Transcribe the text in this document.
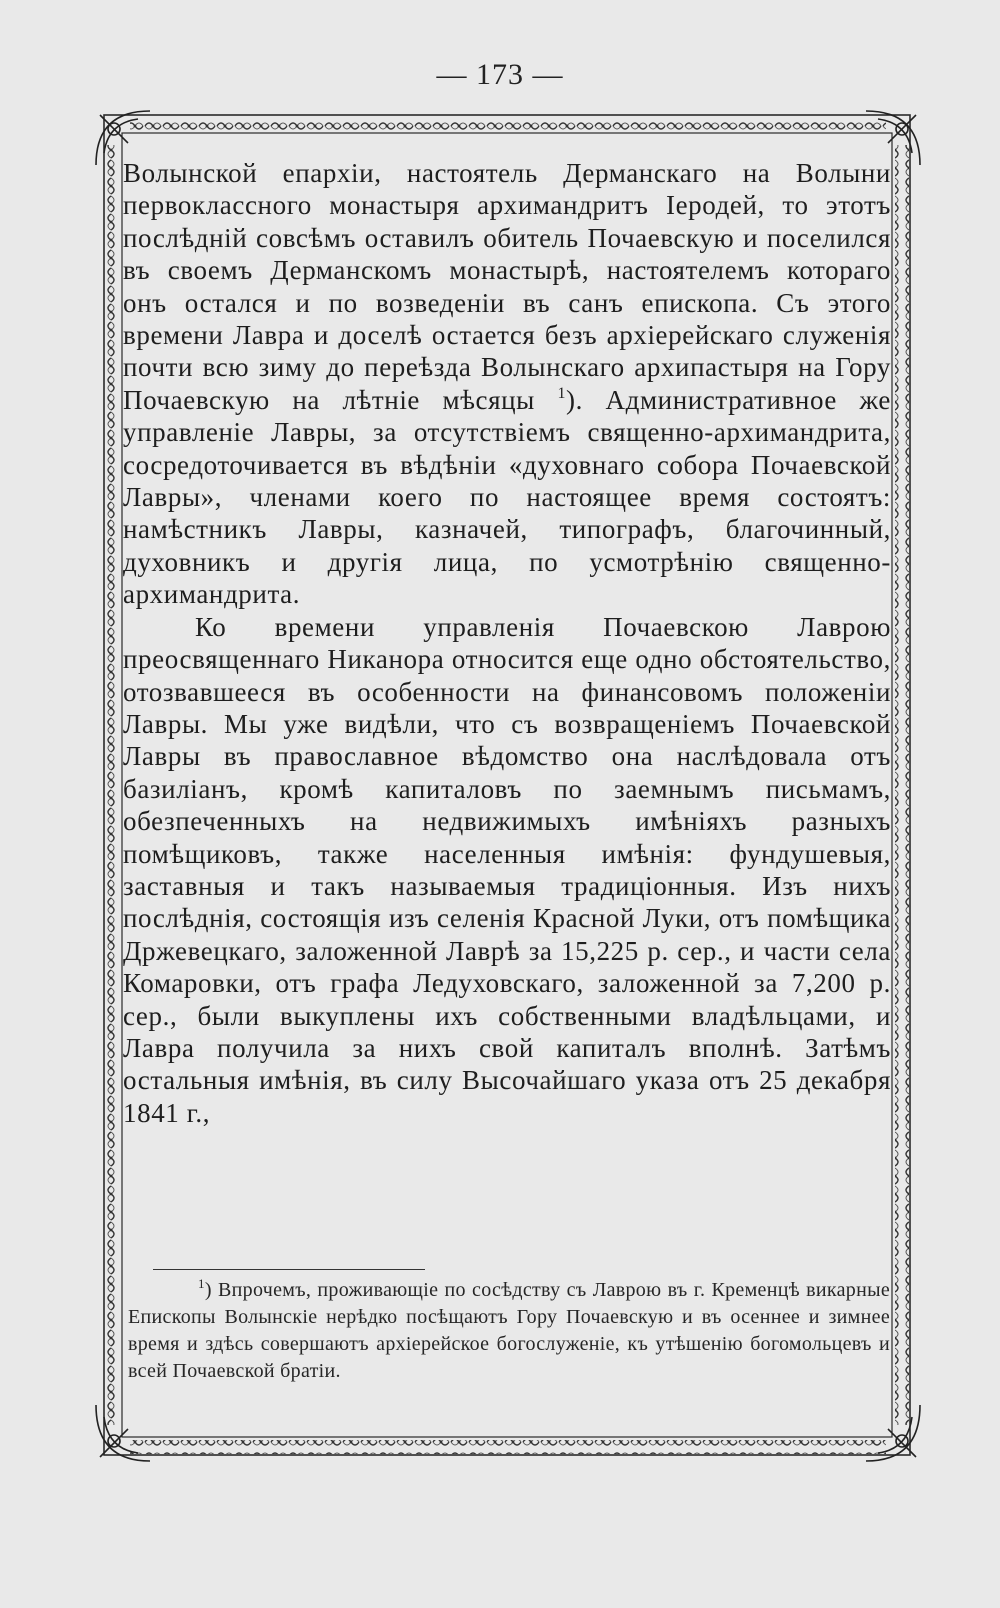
— 173 —

Волынской епархіи, настоятель Дерманскаго на Волыни первоклассного монастыря архимандритъ Іеродей, то этотъ послѣдній совсѣмъ оставилъ обитель Почаевскую и поселился въ своемъ Дерманскомъ монастырѣ, настоятелемъ котораго онъ остался и по возведеніи въ санъ епископа. Съ этого времени Лавра и доселѣ остается безъ архіерейскаго служенія почти всю зиму до переѣзда Волынскаго архипастыря на Гору Почаевскую на лѣтніе мѣсяцы $^1$). Административное же управленіе Лавры, за отсутствіемъ священно-архимандрита, сосредоточивается въ вѣдѣніи «духовнаго собора Почаевской Лавры», членами коего по настоящее время состоятъ: намѣстникъ Лавры, казначей, типографъ, благочинный, духовникъ и другія лица, по усмотрѣнію священно-архимандрита.

Ко времени управленія Почаевскою Лаврою преосвященнаго Никанора относится еще одно обстоятельство, отозвавшееся въ особенности на финансовомъ положеніи Лавры. Мы уже видѣли, что съ возвращеніемъ Почаевской Лавры въ православное вѣдомство она наслѣдовала отъ базиліанъ, кромѣ капиталовъ по заемнымъ письмамъ, обезпеченныхъ на недвижимыхъ имѣніяхъ разныхъ помѣщиковъ, также населенныя имѣнія: фундушевыя, заставныя и такъ называемыя традиціонныя. Изъ нихъ послѣднія, состоящія изъ селенія Красной Луки, отъ помѣщика Држевецкаго, заложенной Лаврѣ за 15,225 р. сер., и части села Комаровки, отъ графа Ледуховскаго, заложенной за 7,200 р. сер., были выкуплены ихъ собственными владѣльцами, и Лавра получила за нихъ свой капиталъ вполнѣ. Затѣмъ остальныя имѣнія, въ силу Высочайшаго указа отъ 25 декабря 1841 г.,

$^1$) Впрочемъ, проживающіе по сосѣдству съ Лаврою въ г. Кременцѣ викарные Епископы Волынскіе нерѣдко посѣщаютъ Гору Почаевскую и въ осеннее и зимнее время и здѣсь совершаютъ архіерейское богослуженіе, къ утѣшенію богомольцевъ и всей Почаевской братіи.
